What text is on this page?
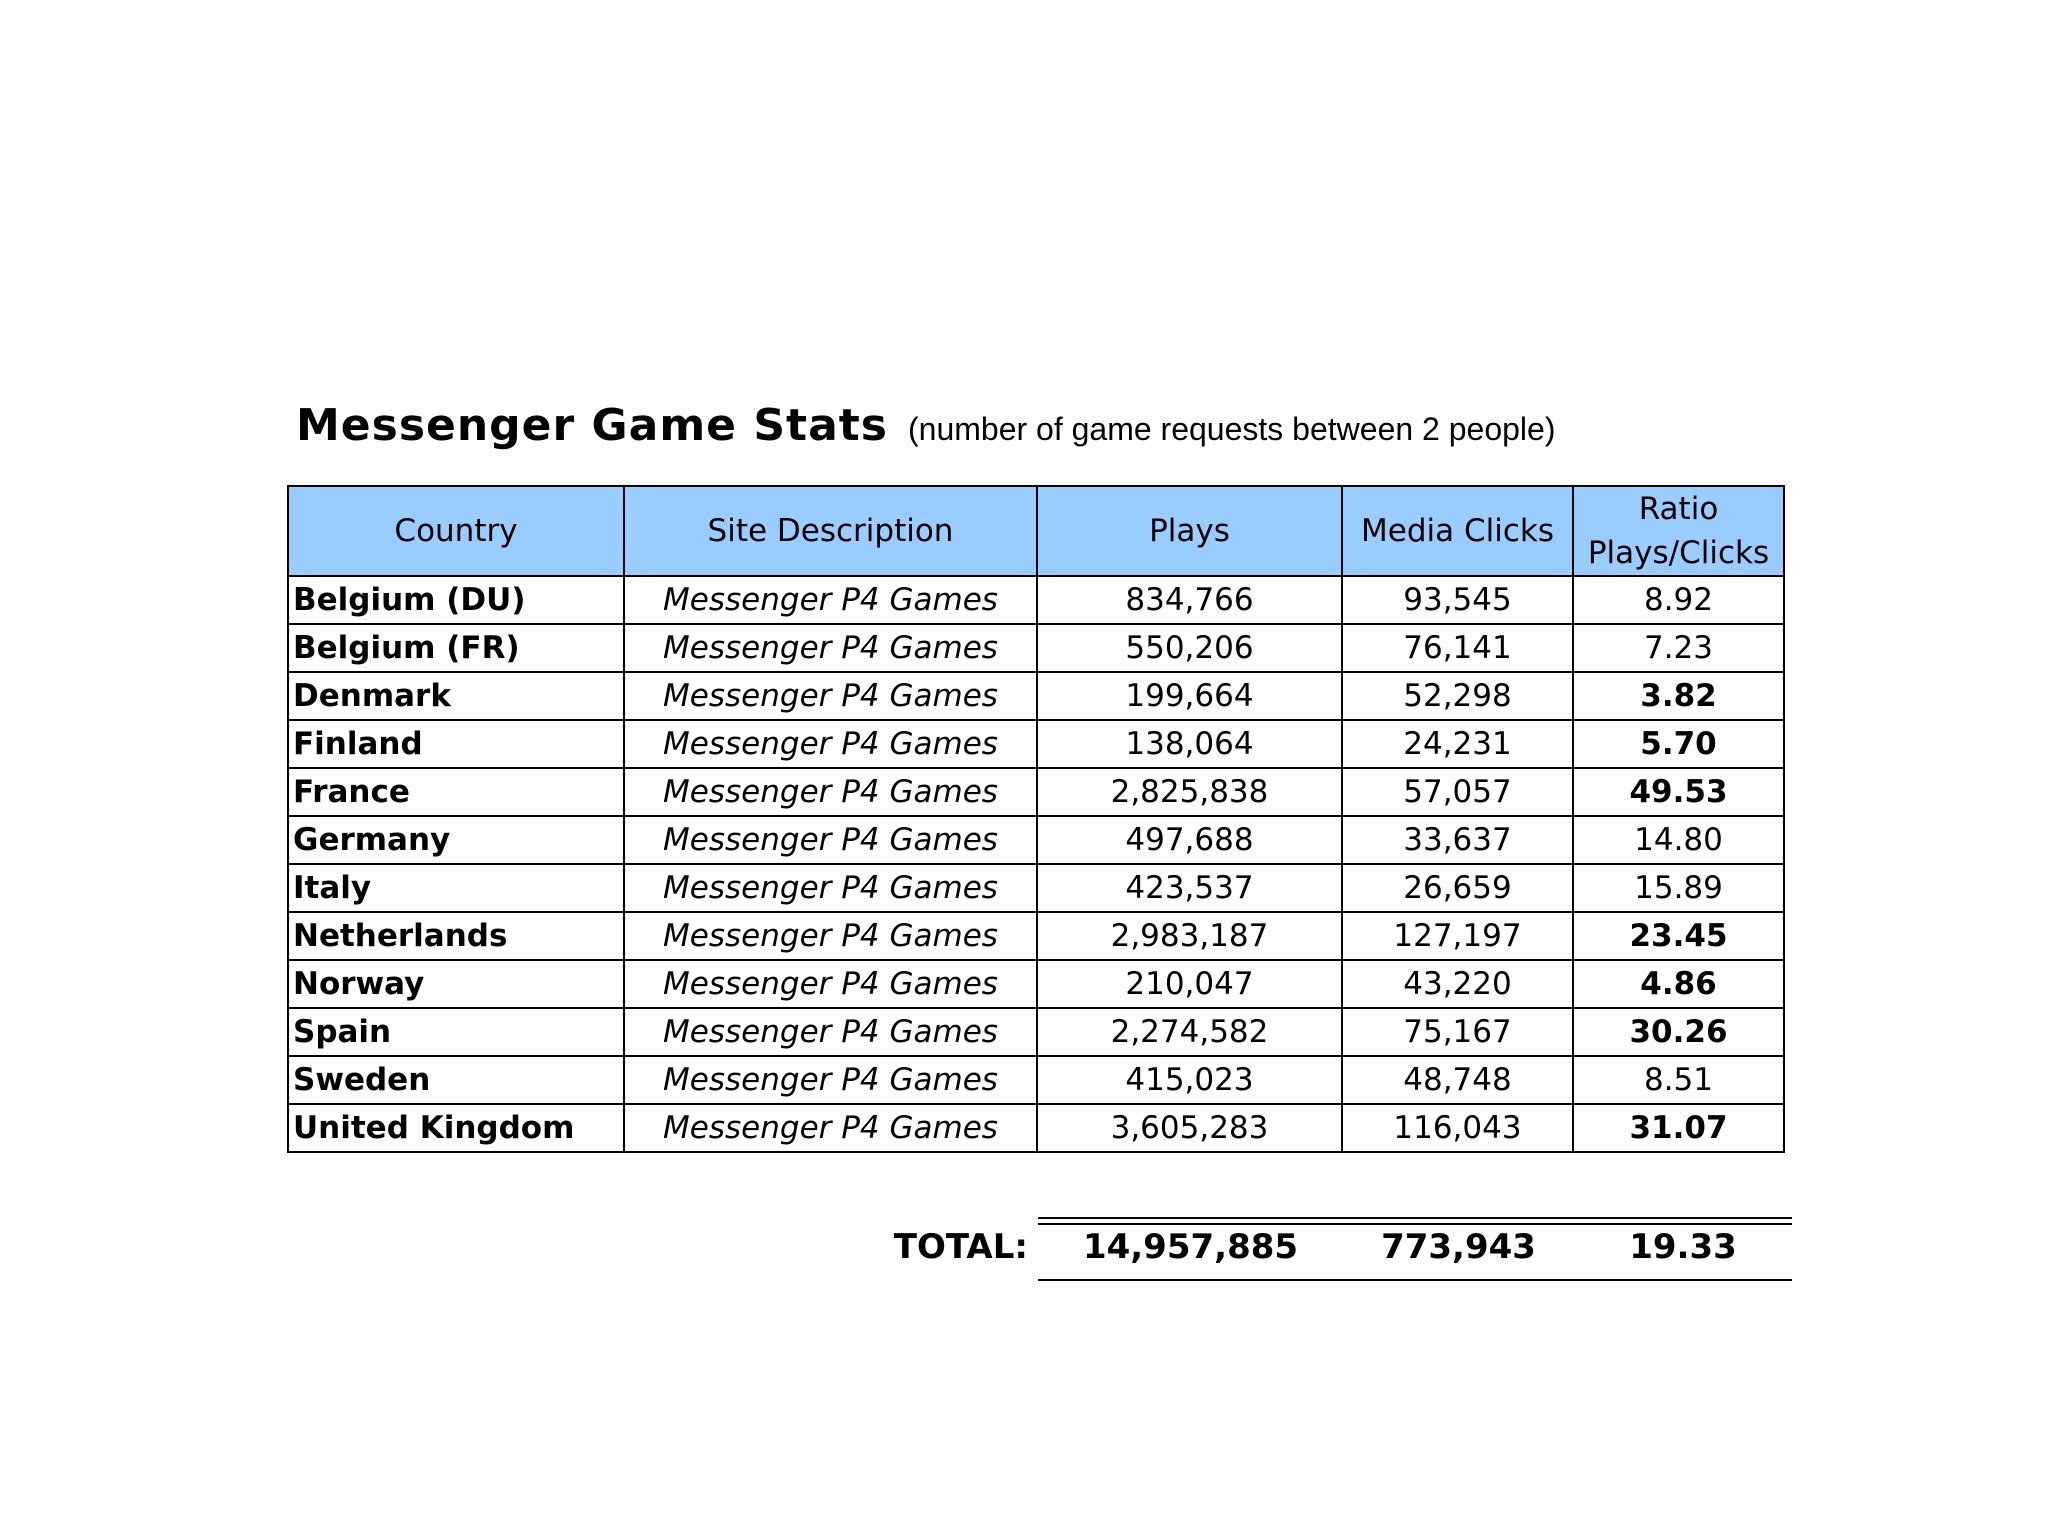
Messenger Game Stats (number of game requests between 2 people)
Country	Site Description	Plays	Media Clicks	Ratio Plays/Clicks
Belgium (DU)	Messenger P4 Games	834,766	93,545	8.92
Belgium (FR)	Messenger P4 Games	550,206	76,141	7.23
Denmark	Messenger P4 Games	199,664	52,298	3.82
Finland	Messenger P4 Games	138,064	24,231	5.70
France	Messenger P4 Games	2,825,838	57,057	49.53
Germany	Messenger P4 Games	497,688	33,637	14.80
Italy	Messenger P4 Games	423,537	26,659	15.89
Netherlands	Messenger P4 Games	2,983,187	127,197	23.45
Norway	Messenger P4 Games	210,047	43,220	4.86
Spain	Messenger P4 Games	2,274,582	75,167	30.26
Sweden	Messenger P4 Games	415,023	48,748	8.51
United Kingdom	Messenger P4 Games	3,605,283	116,043	31.07
TOTAL:	14,957,885	773,943	19.33
